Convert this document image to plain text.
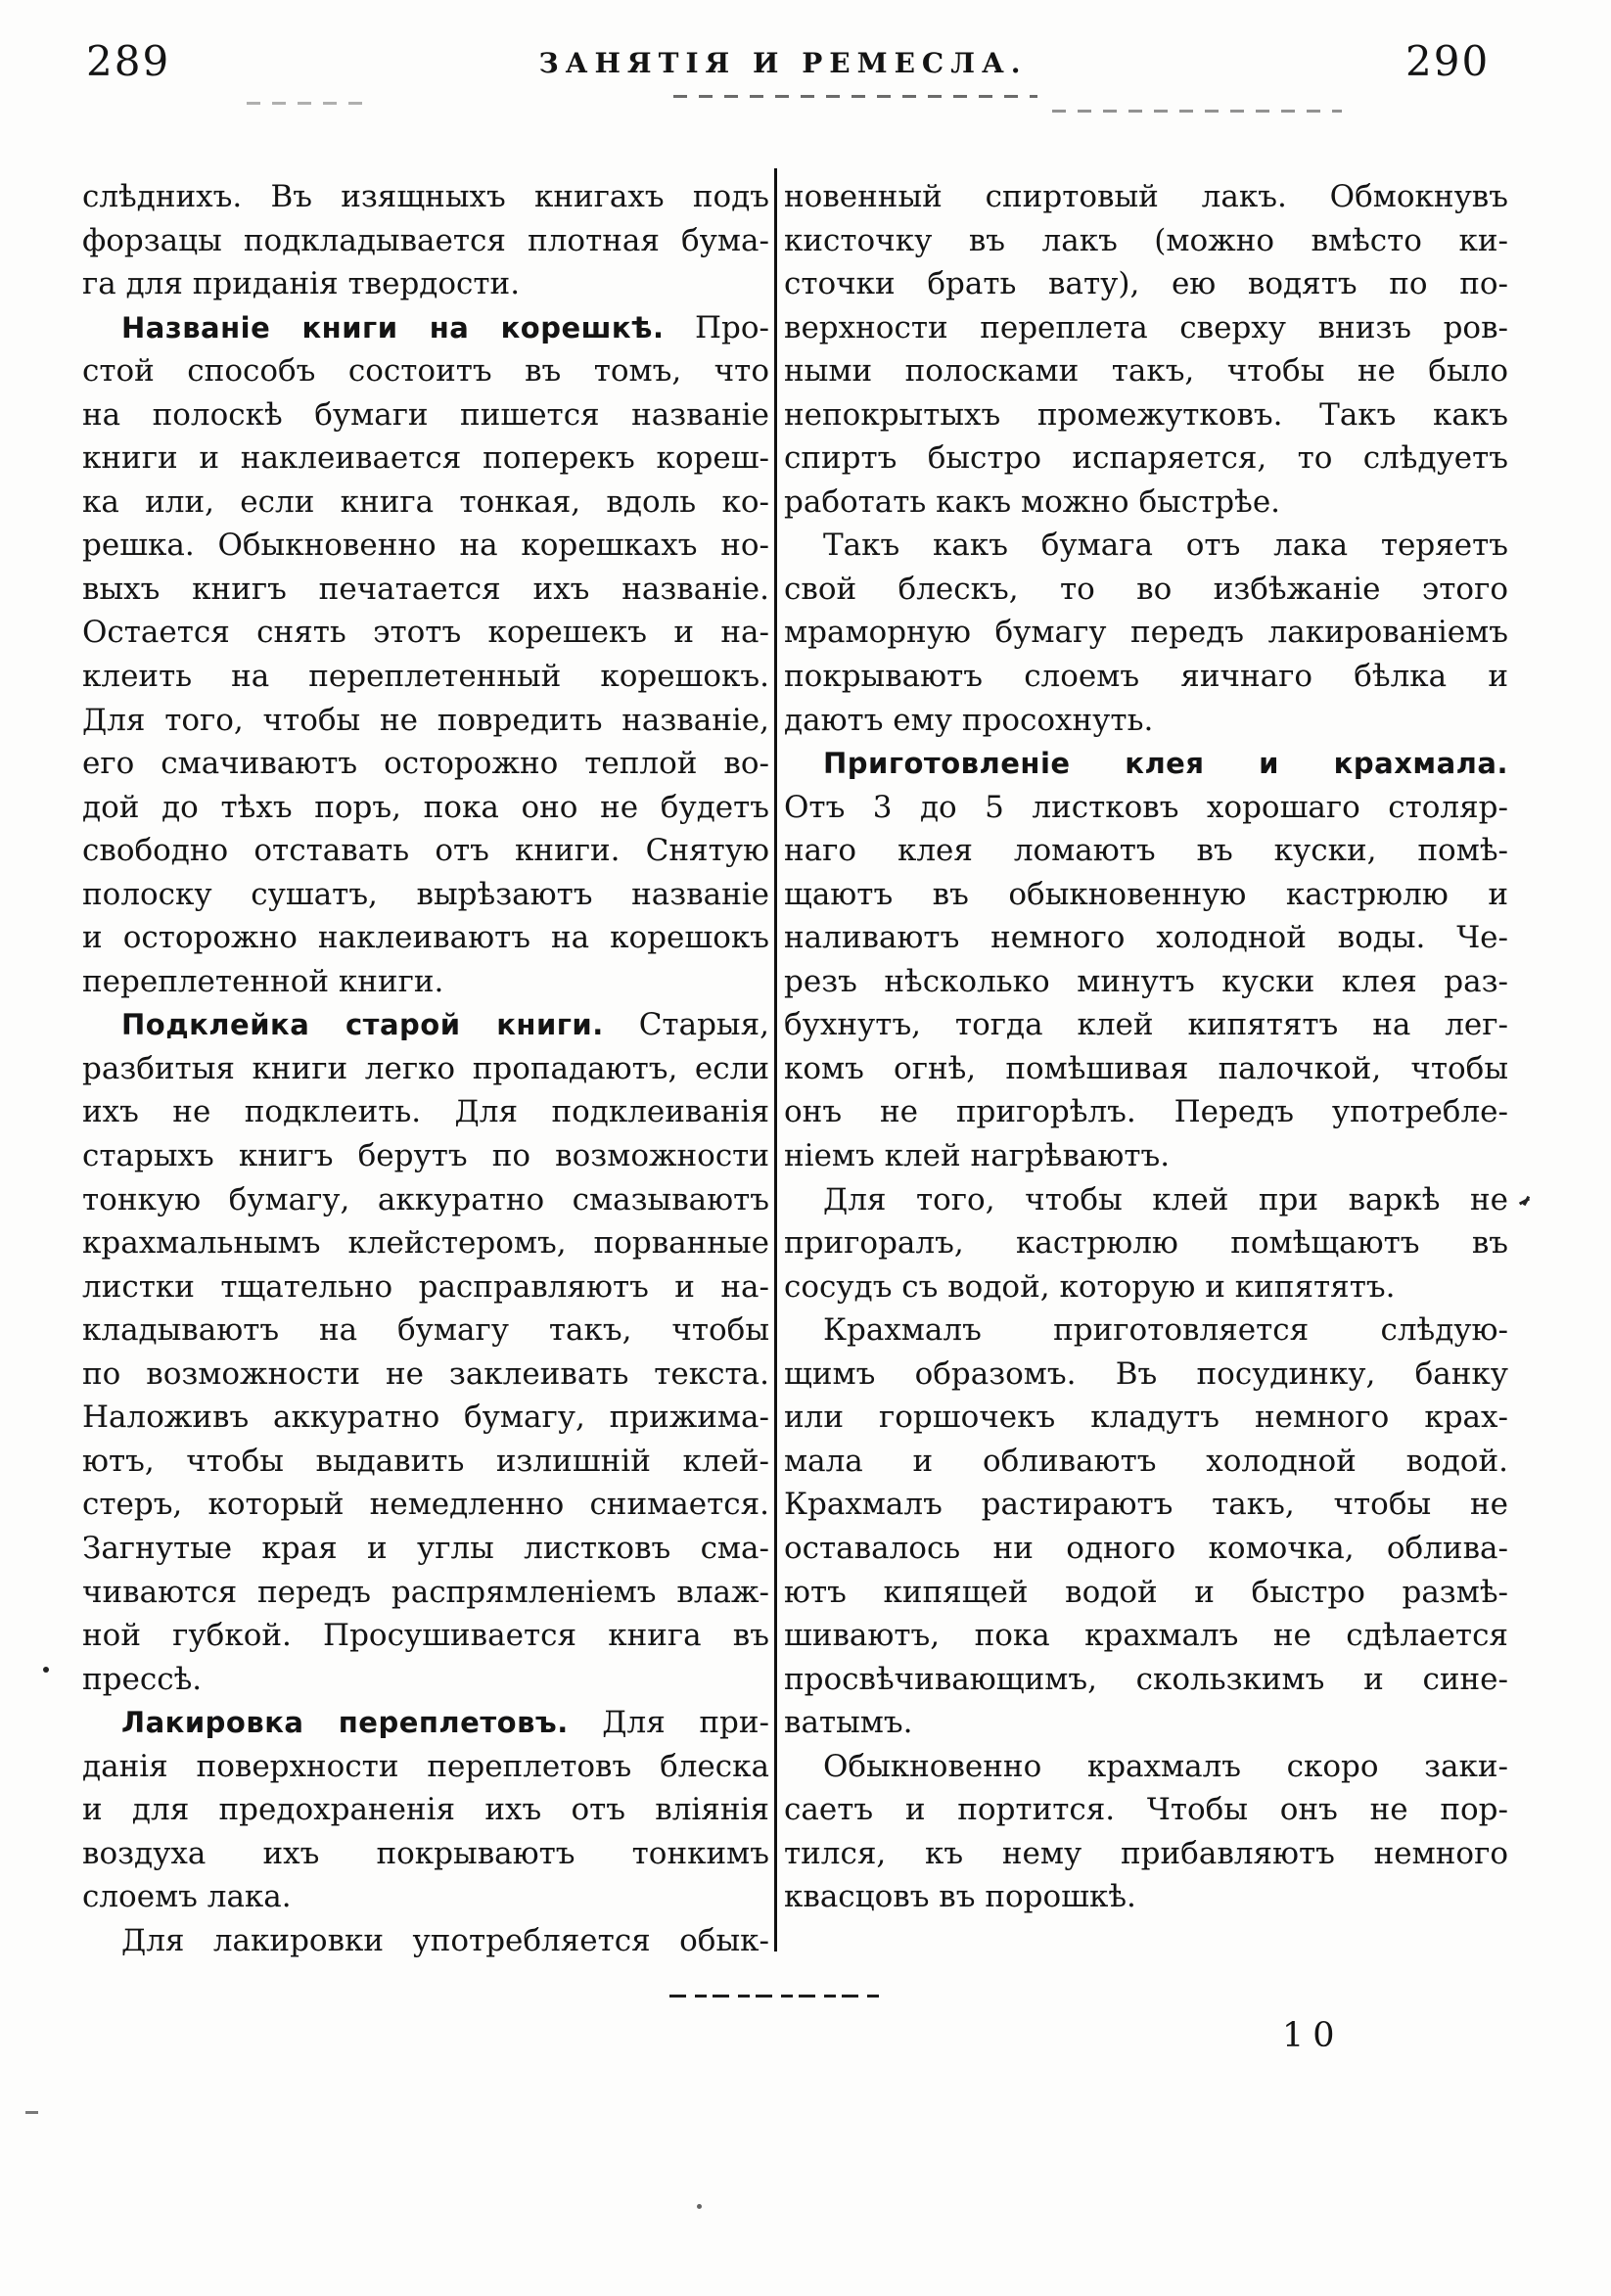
289	ЗАНЯТІЯ И РЕМЕСЛА.	290
слѣднихъ. Въ изящныхъ книгахъ подъ
форзацы подкладывается плотная бума-
га для приданія твердости.
Названіе книги на корешкѣ. Про-
стой способъ состоитъ въ томъ, что
на полоскѣ бумаги пишется названіе
книги и наклеивается поперекъ кореш-
ка или, если книга тонкая, вдоль ко-
решка. Обыкновенно на корешкахъ но-
выхъ книгъ печатается ихъ названіе.
Остается снять этотъ корешекъ и на-
клеить на переплетенный корешокъ.
Для того, чтобы не повредить названіе,
его смачиваютъ осторожно теплой во-
дой до тѣхъ поръ, пока оно не будетъ
свободно отставать отъ книги. Снятую
полоску сушатъ, вырѣзаютъ названіе
и осторожно наклеиваютъ на корешокъ
переплетенной книги.
Подклейка старой книги. Старыя,
разбитыя книги легко пропадаютъ, если
ихъ не подклеить. Для подклеиванія
старыхъ книгъ берутъ по возможности
тонкую бумагу, аккуратно смазываютъ
крахмальнымъ клейстеромъ, порванные
листки тщательно расправляютъ и на-
кладываютъ на бумагу такъ, чтобы
по возможности не заклеивать текста.
Наложивъ аккуратно бумагу, прижима-
ютъ, чтобы выдавить излишній клей-
стеръ, который немедленно снимается.
Загнутые края и углы листковъ сма-
чиваются передъ распрямленіемъ влаж-
ной губкой. Просушивается книга въ
прессѣ.
Лакировка переплетовъ. Для при-
данія поверхности переплетовъ блеска
и для предохраненія ихъ отъ вліянія
воздуха ихъ покрываютъ тонкимъ
слоемъ лака.
Для лакировки употребляется обык-
новенный спиртовый лакъ. Обмокнувъ
кисточку въ лакъ (можно вмѣсто ки-
сточки брать вату), ею водятъ по по-
верхности переплета сверху внизъ ров-
ными полосками такъ, чтобы не было
непокрытыхъ промежутковъ. Такъ какъ
спиртъ быстро испаряется, то слѣдуетъ
работать какъ можно быстрѣе.
Такъ какъ бумага отъ лака теряетъ
свой блескъ, то во избѣжаніе этого
мраморную бумагу передъ лакированіемъ
покрываютъ слоемъ яичнаго бѣлка и
даютъ ему просохнуть.
Приготовленіе клея и крахмала.
Отъ 3 до 5 листковъ хорошаго столяр-
наго клея ломаютъ въ куски, помѣ-
щаютъ въ обыкновенную кастрюлю и
наливаютъ немного холодной воды. Че-
резъ нѣсколько минутъ куски клея раз-
бухнутъ, тогда клей кипятятъ на лег-
комъ огнѣ, помѣшивая палочкой, чтобы
онъ не пригорѣлъ. Передъ употребле-
ніемъ клей нагрѣваютъ.
Для того, чтобы клей при варкѣ не
пригоралъ, кастрюлю помѣщаютъ въ
сосудъ съ водой, которую и кипятятъ.
Крахмалъ приготовляется слѣдую-
щимъ образомъ. Въ посудинку, банку
или горшочекъ кладутъ немного крах-
мала и обливаютъ холодной водой.
Крахмалъ растираютъ такъ, чтобы не
оставалось ни одного комочка, облива-
ютъ кипящей водой и быстро размѣ-
шиваютъ, пока крахмалъ не сдѣлается
просвѣчивающимъ, скользкимъ и сине-
ватымъ.
Обыкновенно крахмалъ скоро заки-
саетъ и портится. Чтобы онъ не пор-
тился, къ нему прибавляютъ немного
квасцовъ въ порошкѣ.
10
